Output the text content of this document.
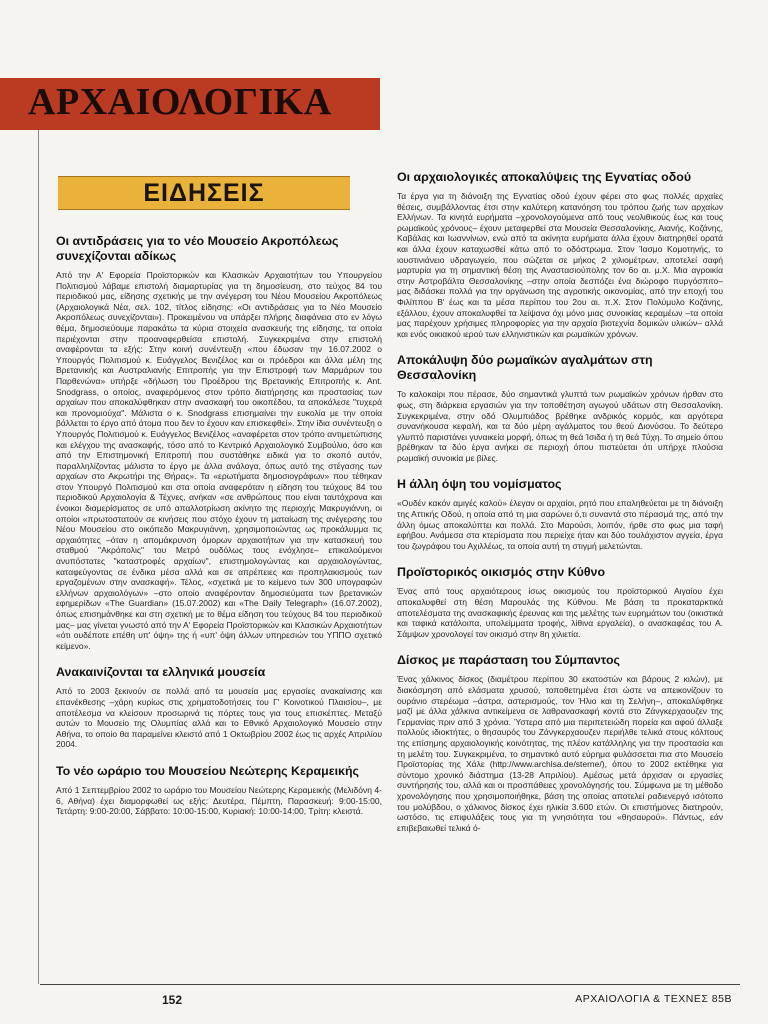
ΑΡΧΑΙΟΛΟΓΙΚΑ
ΕΙΔΗΣΕΙΣ
Οι αντιδράσεις για το νέο Μουσείο Ακροπόλεως συνεχίζονται αδίκως

Από την Α' Εφορεία Προϊστορικών και Κλασικών Αρχαιοτήτων του Υπουργείου Πολιτισμού λάβαμε επιστολή διαμαρτυρίας για τη δημοσίευση, στο τεύχος 84 του περιοδικού μας, είδησης σχετικής με την ανέγερση του Νέου Μουσείου Ακροπόλεως (Αρχαιολογικά Νέα, σελ. 102, τίτλος είδησης: «Οι αντιδράσεις για το Νέο Μουσείο Ακροπόλεως συνεχίζονται»). Προκειμένου να υπάρξει πλήρης διαφάνεια στο εν λόγω θέμα, δημοσιεύουμε παρακάτω τα κύρια στοιχεία ανασκευής της είδησης, τα οποία περιέχονται στην προαναφερθείσα επιστολή. Συγκεκριμένα στην επιστολή αναφέρονται τα εξής: Στην κοινή συνέντευξη «που έδωσαν την 16.07.2002 ο Υπουργός Πολιτισμού κ. Ευάγγελος Βενιζέλος και οι πρόεδροι και άλλα μέλη της Βρετανικής και Αυστραλιανής Επιτροπής για την Επιστροφή των Μαρμάρων του Παρθενώνα» υπήρξε «δήλωση του Προέδρου της Βρετανικής Επιτροπής κ. Ant. Snodgrass, ο οποίος, αναφερόμενος στον τρόπο διατήρησης και προστασίας των αρχαίων που αποκαλύφθηκαν στην ανασκαφή του οικοπέδου, τα αποκάλεσε "τυχερά και προνομιούχα". Μάλιστα ο κ. Snodgrass επισημαίνει την ευκολία με την οποία βάλλεται το έργο από άτομα που δεν το έχουν καν επισκεφθεί». Στην ίδια συνέντευξη ο Υπουργός Πολιτισμού κ. Ευάγγελος Βενιζέλος «αναφέρεται στον τρόπο αντιμετώπισης και ελέγχου της ανασκαφής, τόσο από το Κεντρικό Αρχαιολογικό Συμβούλιο, όσο και από την Επιστημονική Επιτροπή που συστάθηκε ειδικά για το σκοπό αυτόν, παραλληλίζοντας μάλιστα το έργο με άλλα ανάλογα, όπως αυτό της στέγασης των αρχαίων στο Ακρωτήρι της Θήρας». Τα «ερωτήματα δημοσιογράφων» που τέθηκαν στον Υπουργό Πολιτισμού και στα οποία αναφερόταν η είδηση του τεύχους 84 του περιοδικού Αρχαιολογία & Τέχνες, ανήκαν «σε ανθρώπους που είναι ταυτόχρονα και ένοικοι διαμερίσματος σε υπό απαλλοτρίωση ακίνητο της περιοχής Μακρυγιάννη, οι οποίοι «πρωτοστατούν σε κινήσεις που στόχο έχουν τη ματαίωση της ανέγερσης του Νέου Μουσείου στο οικόπεδο Μακρυγιάννη, χρησιμοποιώντας ως προκάλυμμα τις αρχαιότητες –όταν η απομάκρυνση όμορων αρχαιοτήτων για την κατασκευή του σταθμού "Ακρόπολις" του Μετρό ουδόλως τους ενόχλησε– επικαλούμενοι ανυπόστατες "καταστροφές αρχαίων", επιστημολογώντας και αρχαιολογώντας, καταφεύγοντας σε ένδικα μέσα αλλά και σε απρέπειες και προπηλακισμούς των εργαζομένων στην ανασκαφή». Τέλος, «σχετικά με το κείμενο των 300 υπογραφών ελλήνων αρχαιολόγων» –στο οποίο αναφέρονταν δημοσιεύματα των βρετανικών εφημερίδων «The Guardian» (15.07.2002) και «The Daily Telegraph» (16.07.2002), όπως επισημάνθηκε και στη σχετική με το θέμα είδηση του τεύχους 84 του περιοδικού μας– μας γίνεται γνωστό από την Α' Εφορεία Προϊστορικών και Κλασικών Αρχαιοτήτων «ότι ουδέποτε επέθη υπ' όψη» της ή «υπ' όψη άλλων υπηρεσιών του ΥΠΠΟ σχετικό κείμενο».

Ανακαινίζονται τα ελληνικά μουσεία

Από το 2003 ξεκινούν σε πολλά από τα μουσεία μας εργασίες ανακαίνισης και επανέκθεσης –χάρη κυρίως στις χρηματοδοτήσεις του Γ' Κοινοτικού Πλαισίου–, με αποτέλεσμα να κλείσουν προσωρινά τις πόρτες τους για τους επισκέπτες. Μεταξύ αυτών το Μουσείο της Ολυμπίας αλλά και το Εθνικό Αρχαιολογικό Μουσείο στην Αθήνα, το οποίο θα παραμείνει κλειστό από 1 Οκτωβρίου 2002 έως τις αρχές Απριλίου 2004.

Το νέο ωράριο του Μουσείου Νεώτερης Κεραμεικής

Από 1 Σεπτεμβρίου 2002 το ωράριο του Μουσείου Νεώτερης Κεραμεικής (Μελιδόνη 4-6, Αθήνα) έχει διαμορφωθεί ως εξής: Δευτέρα, Πέμπτη, Παρασκευή: 9:00-15:00, Τετάρτη: 9:00-20:00, Σάββατο: 10:00-15:00, Κυριακή: 10:00-14:00, Τρίτη: κλειστά.

Οι αρχαιολογικές αποκαλύψεις της Εγνατίας οδού

Τα έργα για τη διάνοιξη της Εγνατίας οδού έχουν φέρει στο φως πολλές αρχαίες θέσεις, συμβάλλοντας έτσι στην καλύτερη κατανόηση του τρόπου ζωής των αρχαίων Ελλήνων. Τα κινητά ευρήματα –χρονολογούμενα από τους νεολιθικούς έως και τους ρωμαϊκούς χρόνους– έχουν μεταφερθεί στα Μουσεία Θεσσαλονίκης, Αιανής, Κοζάνης, Καβάλας και Ιωαννίνων, ενώ από τα ακίνητα ευρήματα άλλα έχουν διατηρηθεί ορατά και άλλα έχουν καταχωσθεί κάτω από το οδόστρωμα. Στον Ίασμο Κομοτηνής, το ιουστινιάνειο υδραγωγείο, που σώζεται σε μήκος 2 χιλιομέτρων, αποτελεί σαφή μαρτυρία για τη σημαντική θέση της Αναστασιούπολης τον 6ο αι. μ.Χ. Μια αγροικία στην Αστροβάλτα Θεσσαλονίκης –στην οποία δεσπόζει ένα διώροφο πυργόσπιτο– μας διδάσκει πολλά για την οργάνωση της αγροτικής οικονομίας, από την εποχή του Φιλίππου Β' έως και τα μέσα περίπου του 2ου αι. π.Χ. Στον Πολύμυλο Κοζάνης, εξάλλου, έχουν αποκαλυφθεί τα λείψανα όχι μόνο μιας συνοικίας κεραμέων –τα οποία μας παρέχουν χρήσιμες πληροφορίες για την αρχαία βιοτεχνία δομικών υλικών– αλλά και ενός οικιακού ιερού των ελληνιστικών και ρωμαϊκών χρόνων.

Αποκάλυψη δύο ρωμαϊκών αγαλμάτων στη Θεσσαλονίκη

Το καλοκαίρι που πέρασε, δύο σημαντικά γλυπτά των ρωμαϊκών χρόνων ήρθαν στο φως, στη διάρκεια εργασιών για την τοποθέτηση αγωγού υδάτων στη Θεσσαλονίκη. Συγκεκριμένα, στην οδό Ολυμπιάδος βρέθηκε ανδρικός κορμός, και αργότερα συνανήκουσα κεφαλή, και τα δύο μέρη αγάλματος του θεού Διονύσου. Το δεύτερο γλυπτό παριστάνει γυναικεία μορφή, όπως τη θεά Ίσιδα ή τη θεά Τύχη. Το σημείο όπου βρέθηκαν τα δύο έργα ανήκει σε περιοχή όπου πιστεύεται ότι υπήρχε πλούσια ρωμαϊκή συνοικία με βίλες.

Η άλλη όψη του νομίσματος

«Ουδέν κακόν αμιγές καλού» έλεγαν οι αρχαίοι, ρητό που επαληθεύεται με τη διάνοιξη της Αττικής Οδού, η οποία από τη μια σαρώνει ό,τι συναντά στο πέρασμά της, από την άλλη όμως αποκαλύπτει και πολλά. Στο Μαρούσι, λοιπόν, ήρθε στο φως μια ταφή εφήβου. Ανάμεσα στα κτερίσματα που περιείχε ήταν και δύο τουλάχιστον αγγεία, έργα του ζωγράφου του Αχιλλέως, τα οποία αυτή τη στιγμή μελετώνται.

Προϊστορικός οικισμός στην Κύθνο

Ένας από τους αρχαιότερους ίσως οικισμούς του προϊστορικού Αιγαίου έχει αποκαλυφθεί στη θέση Μαρουλάς της Κύθνου. Με βάση τα προκαταρκτικά αποτελέσματα της ανασκαφικής έρευνας και της μελέτης των ευρημάτων του (οικιστικά και ταφικά κατάλοιπα, υπολείμματα τροφής, λίθινα εργαλεία), ο ανασκαφέας του Α. Σάμψων χρονολογεί τον οικισμό στην 8η χιλιετία.

Δίσκος με παράσταση του Σύμπαντος

Ένας χάλκινος δίσκος (διαμέτρου περίπου 30 εκατοστών και βάρους 2 κιλών), με διακόσμηση από ελάσματα χρυσού, τοποθετημένα έτσι ώστε να απεικονίζουν το ουράνιο στερέωμα –άστρα, αστερισμούς, τον Ήλιο και τη Σελήνη–, αποκαλύφθηκε μαζί με άλλα χάλκινα αντικείμενα σε λαθρανασκαφή κοντά στο Ζάνγκερχαουζεν της Γερμανίας πριν από 3 χρόνια. Ύστερα από μια περιπετειώδη πορεία και αφού άλλαξε πολλούς ιδιοκτήτες, ο θησαυρός του Ζάνγκερχαουζεν περιήλθε τελικά στους κόλπους της επίσημης αρχαιολογικής κοινότητας, της πλέον κατάλληλης για την προστασία και τη μελέτη του. Συγκεκριμένα, το σημαντικό αυτό εύρημα φυλάσσεται πια στο Μουσείο Προϊστορίας της Χάλε (http://www.archlsa.de/sterne/), όπου το 2002 εκτέθηκε για σύντομο χρονικό διάστημα (13-28 Απριλίου). Αμέσως μετά άρχισαν οι εργασίες συντήρησής του, αλλά και οι προσπάθειες χρονολόγησής του. Σύμφωνα με τη μέθοδο χρονολόγησης που χρησιμοποιήθηκε, βάση της οποίας αποτελεί ραδιενεργό ισότοπο του μολύβδου, ο χάλκινος δίσκος έχει ηλικία 3.600 ετών. Οι επιστήμονες διατηρούν, ωστόσο, τις επιφυλάξεις τους για τη γνησιότητα του «θησαυρού». Πάντως, εάν επιβεβαιωθεί τελικά ό-

152	ΑΡΧΑΙΟΛΟΓΙΑ & ΤΕΧΝΕΣ 85B
